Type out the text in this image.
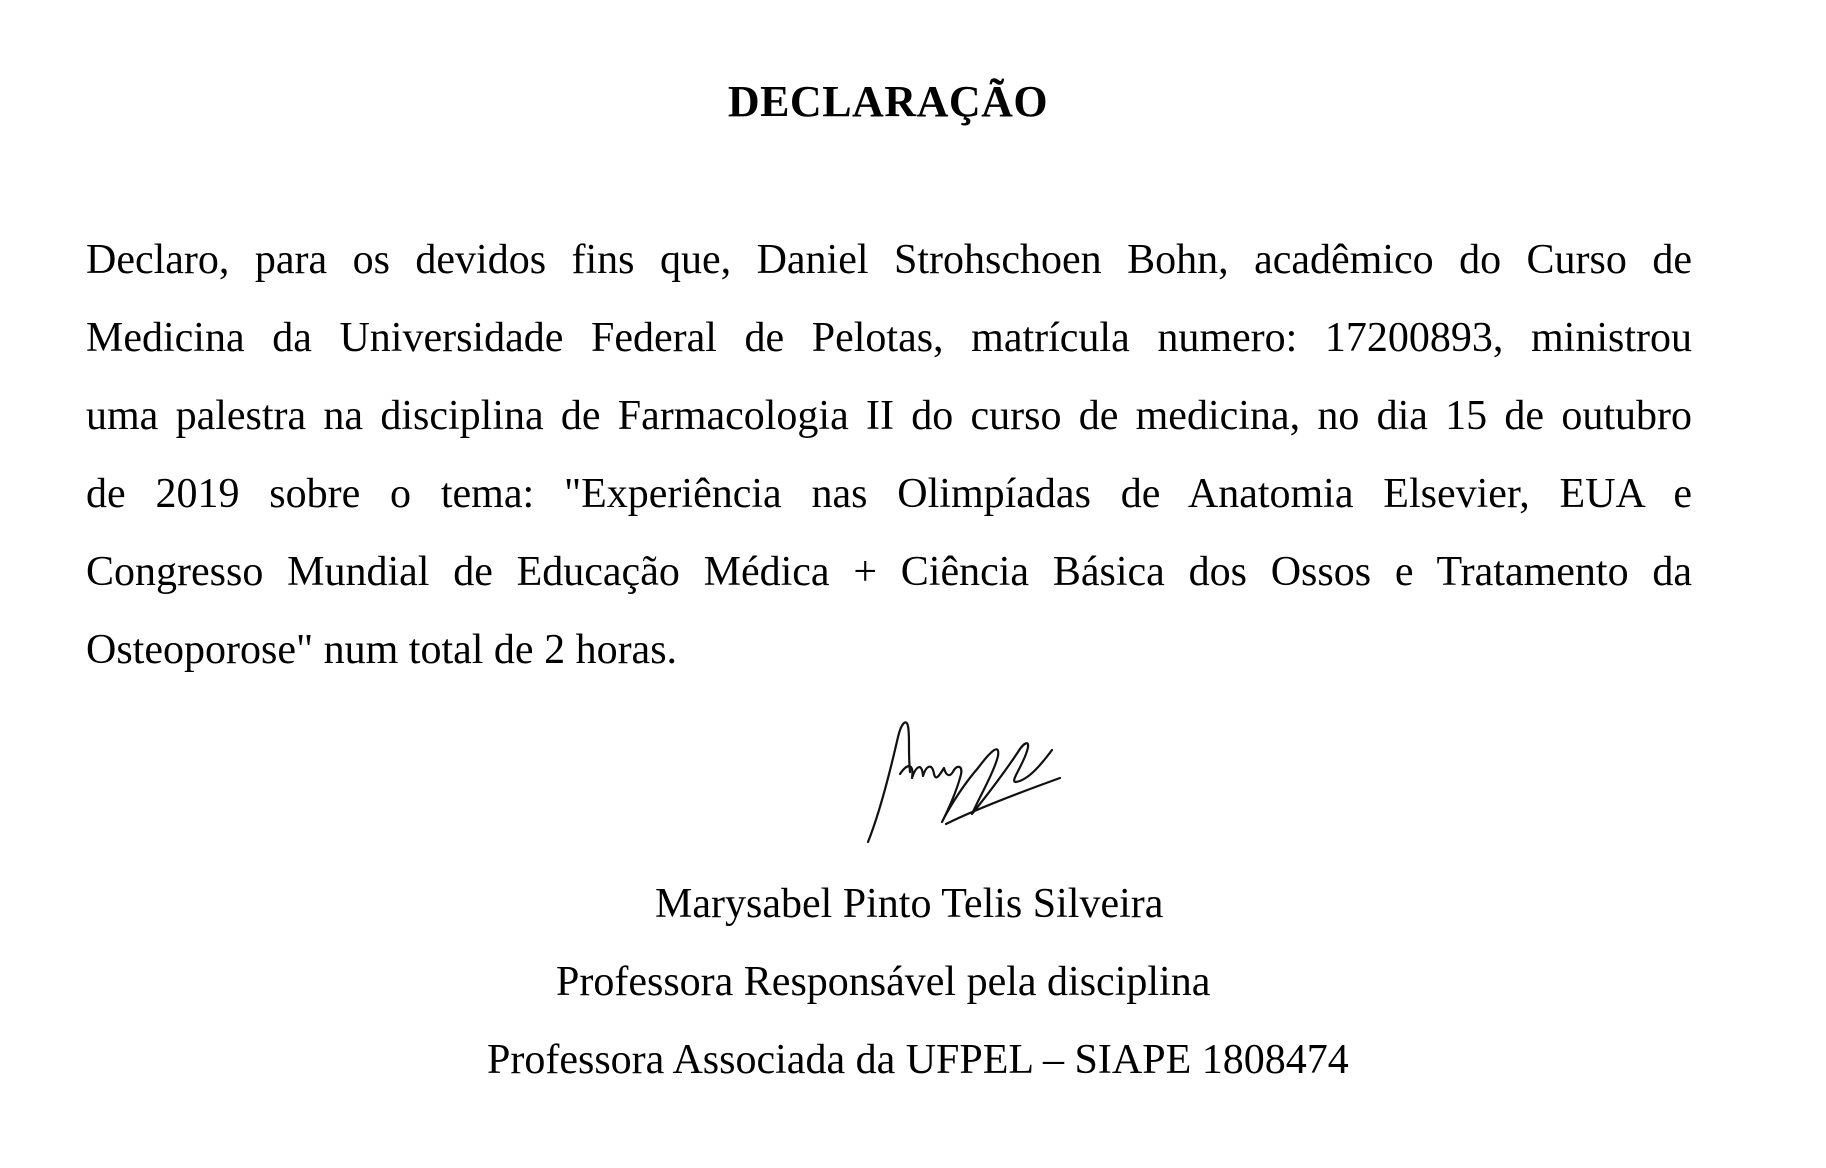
DECLARAÇÃO
Declaro, para os devidos fins que, Daniel Strohschoen Bohn, acadêmico do Curso de
Medicina da Universidade Federal de Pelotas, matrícula numero: 17200893, ministrou
uma palestra na disciplina de Farmacologia II do curso de medicina, no dia 15 de outubro
de 2019 sobre o tema: "Experiência nas Olimpíadas de Anatomia Elsevier, EUA e
Congresso Mundial de Educação Médica + Ciência Básica dos Ossos e Tratamento da
Osteoporose" num total de 2 horas.
Marysabel Pinto Telis Silveira
Professora Responsável pela disciplina
Professora Associada da UFPEL – SIAPE 1808474
